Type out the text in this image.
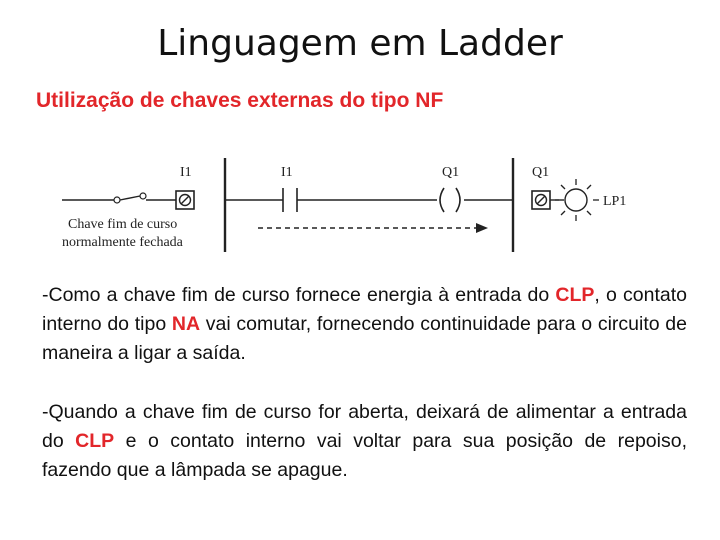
Linguagem em Ladder
Utilização de chaves externas do tipo NF
I1
Chave fim de curso
normalmente fechada
I1	Q1	Q1
LP1
-Como a chave fim de curso fornece energia à entrada do CLP, o contato interno do tipo NA vai comutar, fornecendo continuidade para o circuito de maneira a ligar a saída.
-Quando a chave fim de curso for aberta, deixará de alimentar a entrada do CLP e o contato interno vai voltar para sua posição de repoiso, fazendo que a lâmpada se apague.
